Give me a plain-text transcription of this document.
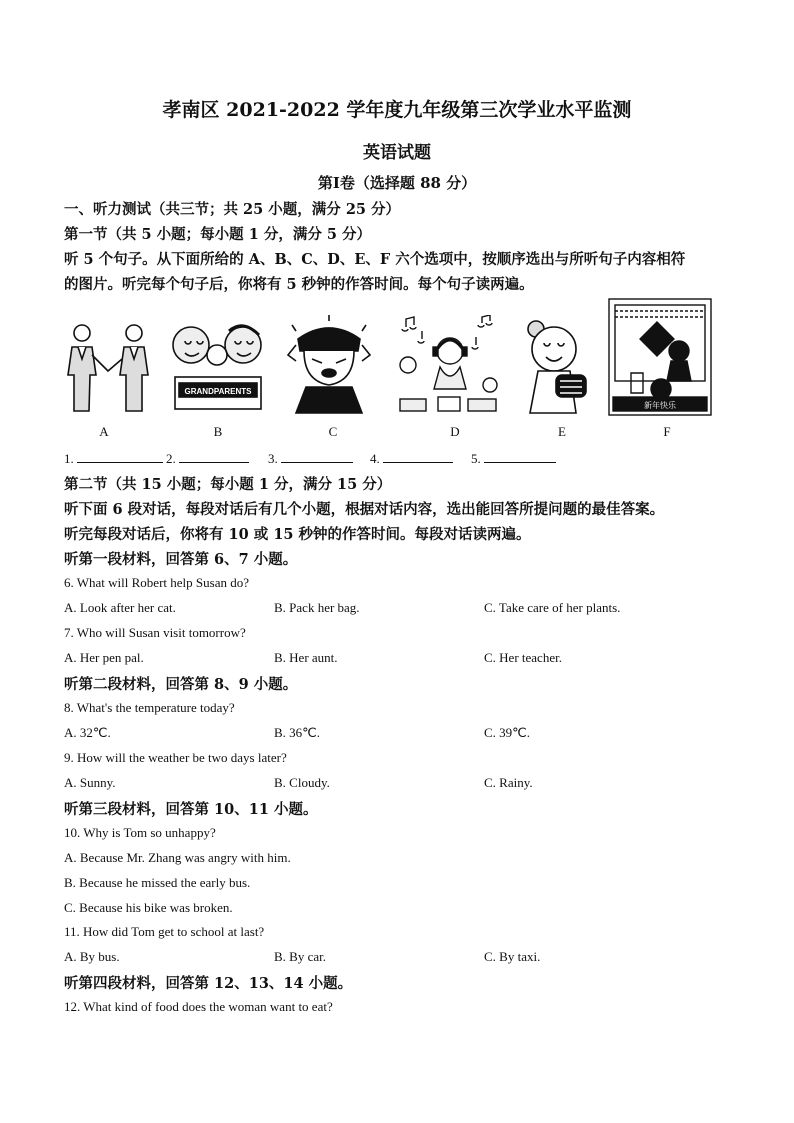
孝南区 2021-2022 学年度九年级第三次学业水平监测
英语试题
第Ⅰ卷（选择题 88 分）
一、听力测试（共三节；共 25 小题，满分 25 分）
第一节（共 5 小题；每小题 1 分，满分 5 分）
听 5 个句子。从下面所给的 A、B、C、D、E、F 六个选项中，按顺序选出与所听句子内容相符
的图片。听完每个句子后，你将有 5 秒钟的作答时间。每个句子读两遍。
GRANDPARENTS
新年快乐
A	B	C	D	E	F
1.	2.	3.	4.	5.
第二节（共 15 小题；每小题 1 分，满分 15 分）
听下面 6 段对话，每段对话后有几个小题，根据对话内容，选出能回答所提问题的最佳答案。
听完每段对话后，你将有 10 或 15 秒钟的作答时间。每段对话读两遍。
听第一段材料，回答第 6、7 小题。
6. What will Robert help Susan do?
A. Look after her cat.	B. Pack her bag.	C. Take care of her plants.
7. Who will Susan visit tomorrow?
A. Her pen pal.	B. Her aunt.	C. Her teacher.
听第二段材料，回答第 8、9 小题。
8. What's the temperature today?
A. 32℃.	B. 36℃.	C. 39℃.
9. How will the weather be two days later?
A. Sunny.	B. Cloudy.	C. Rainy.
听第三段材料，回答第 10、11 小题。
10. Why is Tom so unhappy?
A. Because Mr. Zhang was angry with him.
B. Because he missed the early bus.
C. Because his bike was broken.
11. How did Tom get to school at last?
A. By bus.	B. By car.	C. By taxi.
听第四段材料，回答第 12、13、14 小题。
12. What kind of food does the woman want to eat?
